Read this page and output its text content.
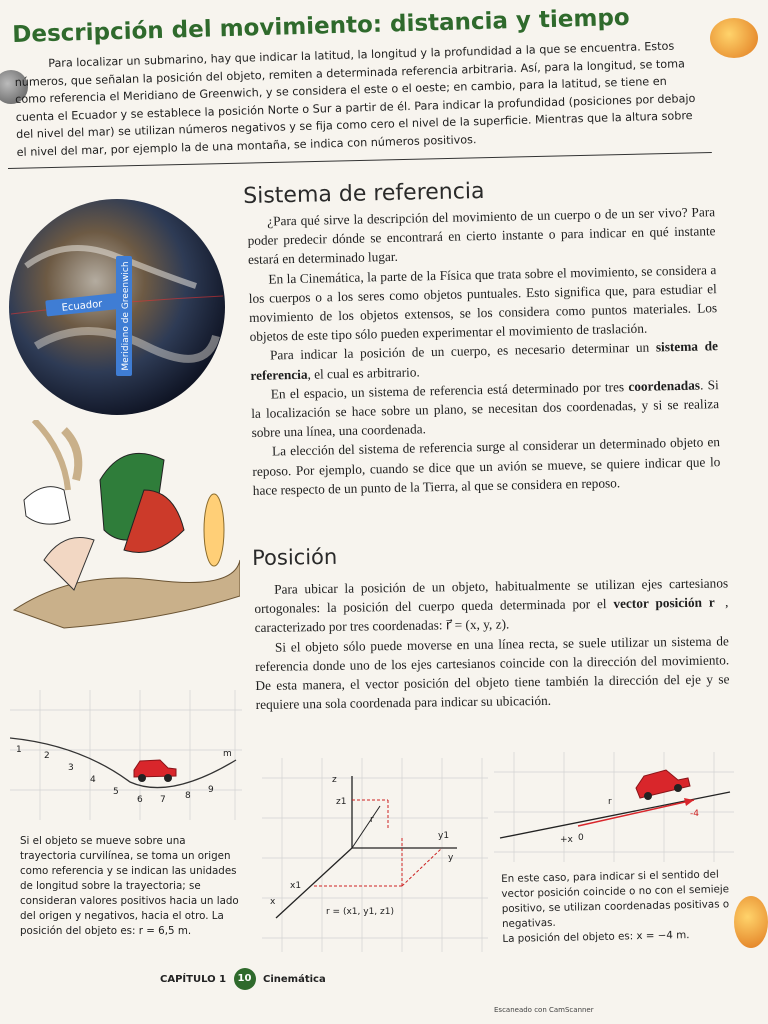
Descripción del movimiento: distancia y tiempo
Para localizar un submarino, hay que indicar la latitud, la longitud y la profundidad a la que se encuentra. Estos números, que señalan la posición del objeto, remiten a determinada referencia arbitraria. Así, para la longitud, se toma como referencia el Meridiano de Greenwich, y se considera el este o el oeste; en cambio, para la latitud, se tiene en cuenta el Ecuador y se establece la posición Norte o Sur a partir de él. Para indicar la profundidad (posiciones por debajo del nivel del mar) se utilizan números negativos y se fija como cero el nivel de la superficie. Mientras que la altura sobre el nivel del mar, por ejemplo la de una montaña, se indica con números positivos.
Ecuador Meridiano de Greenwich
Sistema de referencia

¿Para qué sirve la descripción del movimiento de un cuerpo o de un ser vivo? Para poder predecir dónde se encontrará en cierto instante o para indicar en qué instante estará en determinado lugar.

En la Cinemática, la parte de la Física que trata sobre el movimiento, se considera a los cuerpos o a los seres como objetos puntuales. Esto significa que, para estudiar el movimiento de los objetos extensos, se los considera como puntos materiales. Los objetos de este tipo sólo pueden experimentar el movimiento de traslación.

Para indicar la posición de un cuerpo, es necesario determinar un sistema de referencia, el cual es arbitrario.

En el espacio, un sistema de referencia está determinado por tres coordenadas. Si la localización se hace sobre un plano, se necesitan dos coordenadas, y si se realiza sobre una línea, una coordenada.

La elección del sistema de referencia surge al considerar un determinado objeto en reposo. Por ejemplo, cuando se dice que un avión se mueve, se quiere indicar que lo hace respecto de un punto de la Tierra, al que se considera en reposo.

Posición

Para ubicar la posición de un objeto, habitualmente se utilizan ejes cartesianos ortogonales: la posición del cuerpo queda determinada por el vector posición r⃗, caracterizado por tres coordenadas: r⃗ = (x, y, z).

Si el objeto sólo puede moverse en una línea recta, se suele utilizar un sistema de referencia donde uno de los ejes cartesianos coincide con la dirección del movimiento. De esta manera, el vector posición del objeto tiene también la dirección del eje y se requiere una sola coordenada para indicar su ubicación.

1
2
3
4
5
6 7 8
9
m
Si el objeto se mueve sobre una trayectoria curvilínea, se toma un origen como referencia y se indican las unidades de longitud sobre la trayectoria; se consideran valores positivos hacia un lado del origen y negativos, hacia el otro. La posición del objeto es: r = 6,5 m.
z
y
x
z1
y1
x1
r
r = (x1, y1, z1)
r
+x 0
-4
En este caso, para indicar si el sentido del vector posición coincide o no con el semieje positivo, se utilizan coordenadas positivas o negativas.
La posición del objeto es: x = −4 m.
CAPÍTULO 1 10 Cinemática
Escaneado con CamScanner
